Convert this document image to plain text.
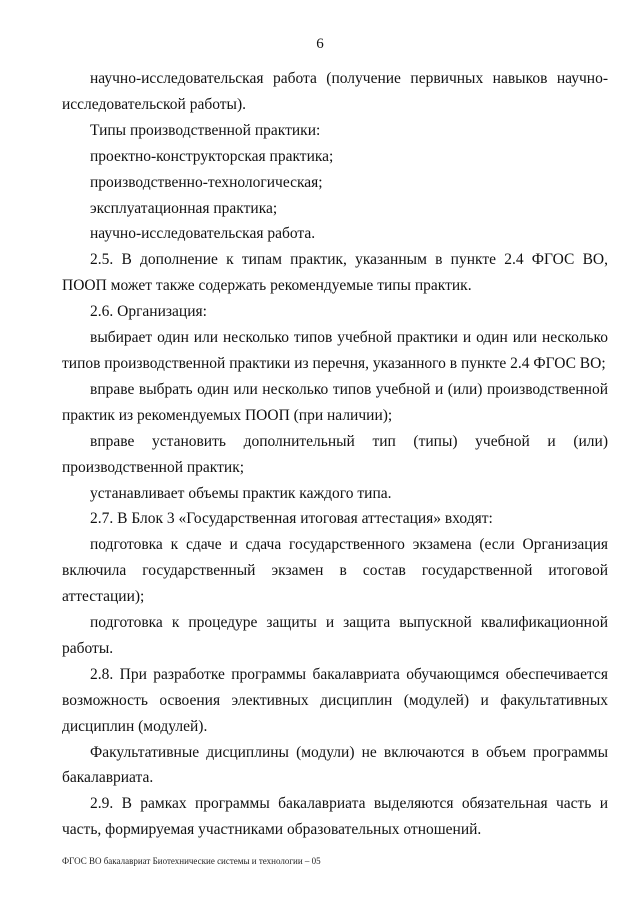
6

научно-исследовательская работа (получение первичных навыков научно-исследовательской работы).

Типы производственной практики:

проектно-конструкторская практика;

производственно-технологическая;

эксплуатационная практика;

научно-исследовательская работа.

2.5. В дополнение к типам практик, указанным в пункте 2.4 ФГОС ВО, ПООП может также содержать рекомендуемые типы практик.

2.6. Организация:

выбирает один или несколько типов учебной практики и один или несколько типов производственной практики из перечня, указанного в пункте 2.4 ФГОС ВО;

вправе выбрать один или несколько типов учебной и (или) производственной практик из рекомендуемых ПООП (при наличии);

вправе установить дополнительный тип (типы) учебной и (или) производственной практик;

устанавливает объемы практик каждого типа.

2.7. В Блок 3 «Государственная итоговая аттестация» входят:

подготовка к сдаче и сдача государственного экзамена (если Организация включила государственный экзамен в состав государственной итоговой аттестации);

подготовка к процедуре защиты и защита выпускной квалификационной работы.

2.8. При разработке программы бакалавриата обучающимся обеспечивается возможность освоения элективных дисциплин (модулей) и факультативных дисциплин (модулей).

Факультативные дисциплины (модули) не включаются в объем программы бакалавриата.

2.9. В рамках программы бакалавриата выделяются обязательная часть и часть, формируемая участниками образовательных отношений.

ФГОС ВО бакалавриат Биотехнические системы и технологии – 05
